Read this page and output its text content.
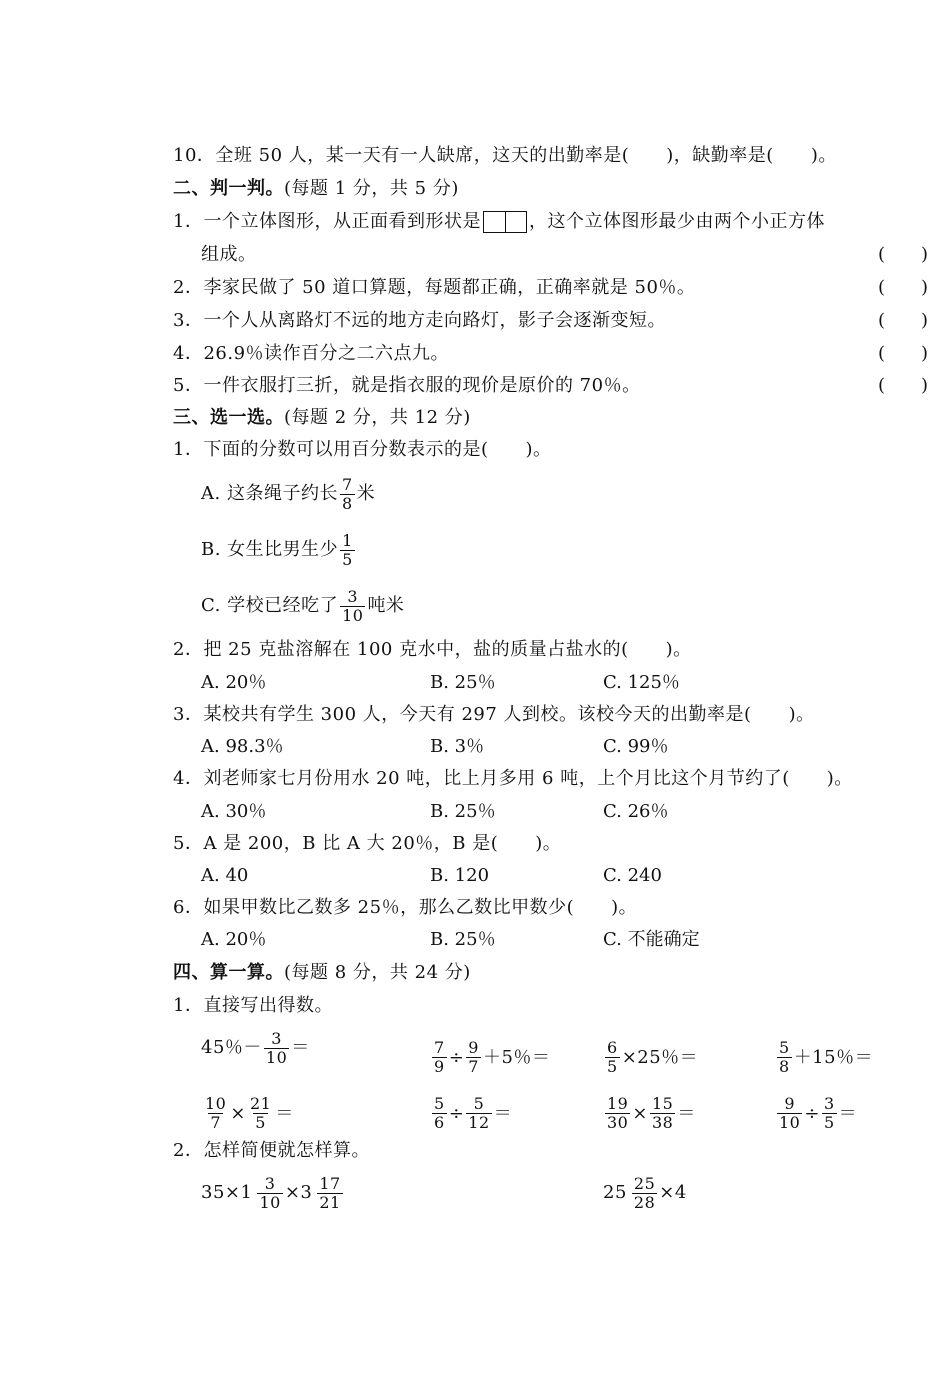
10．全班 50 人，某一天有一人缺席，这天的出勤率是(　　)，缺勤率是(　　)。
二、判一判。(每题 1 分，共 5 分)
1．一个立体图形，从正面看到形状是	，这个立体图形最少由两个小正方体
组成。	(　　)
2．李家民做了 50 道口算题，每题都正确，正确率就是 50％。	(　　)
3．一个人从离路灯不远的地方走向路灯，影子会逐渐变短。	(　　)
4．26.9％读作百分之二六点九。	(　　)
5．一件衣服打三折，就是指衣服的现价是原价的 70％。	(　　)
三、选一选。(每题 2 分，共 12 分)
1．下面的分数可以用百分数表示的是(　　)。
A. 这条绳子约长 $\frac{7}{8}$ 米
B. 女生比男生少 $\frac{1}{5}$
C. 学校已经吃了 $\frac{3}{10}$ 吨米
2．把 25 克盐溶解在 100 克水中，盐的质量占盐水的(　　)。
A. 20％	B. 25％	C. 125％
3．某校共有学生 300 人，今天有 297 人到校。该校今天的出勤率是(　　)。
A. 98.3％	B. 3％	C. 99％
4．刘老师家七月份用水 20 吨，比上月多用 6 吨，上个月比这个月节约了(　　)。
A. 30％	B. 25％	C. 26％
5．A 是 200，B 比 A 大 20％，B 是(　　)。
A. 40	B. 120	C. 240
6．如果甲数比乙数多 25％，那么乙数比甲数少(　　)。
A. 20％	B. 25％	C. 不能确定
四、算一算。(每题 8 分，共 24 分)
1．直接写出得数。
45％－ $\frac{3}{10}$ ＝	$\frac{7}{9} \div \frac{9}{7} +5$％＝	$\frac{6}{5} \times 25$％＝	$\frac{5}{8} +15$％＝
$\frac{10}{7} \times \frac{21}{5}$ ＝	$\frac{5}{6} \div \frac{5}{12}$ ＝	$\frac{19}{30} \times \frac{15}{38}$ ＝	$\frac{9}{10} \div \frac{3}{5}$ ＝
2．怎样简便就怎样算。
$35\times 1 \frac{3}{10} \times 3 \frac{17}{21}$	$25 \frac{25}{28} \times 4$
